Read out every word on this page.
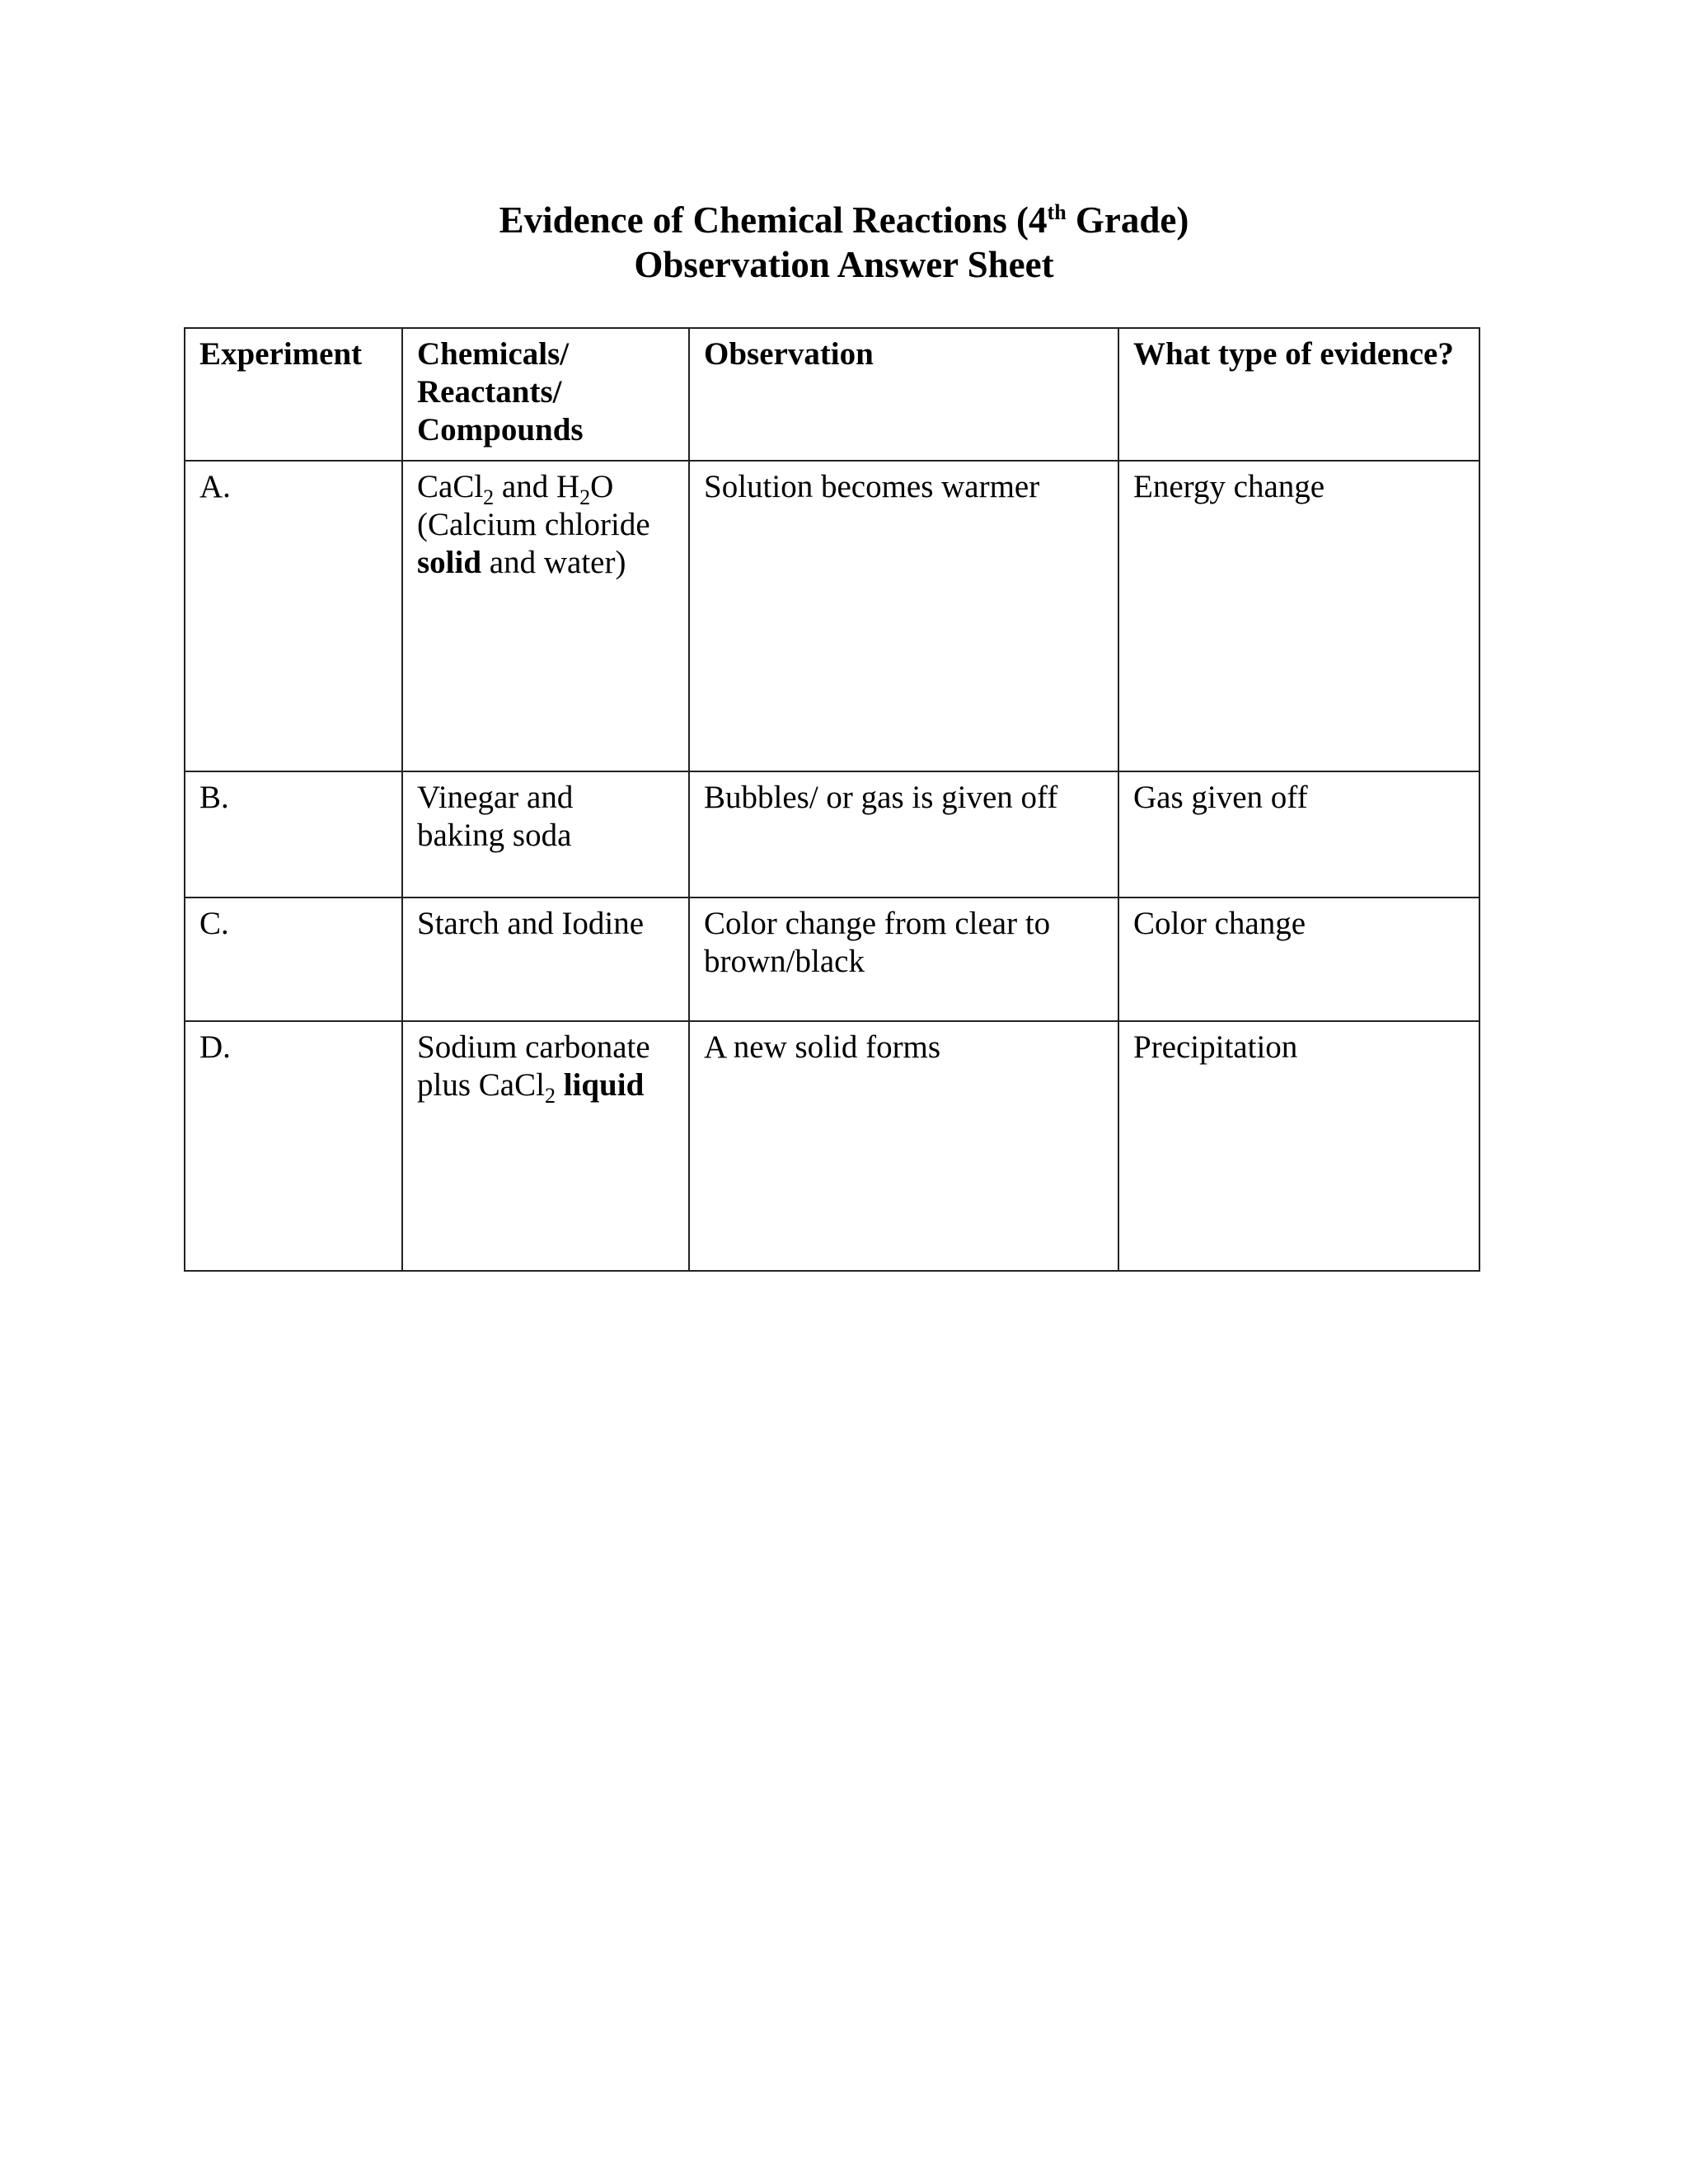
Evidence of Chemical Reactions (4th Grade)
Observation Answer Sheet
Experiment	Chemicals/
Reactants/
Compounds	Observation	What type of evidence?
A.	CaCl$_2$ and $H_2O$
(Calcium chloride
solid and water)	Solution becomes warmer	Energy change
B.	Vinegar and
baking soda	Bubbles/ or gas is given off	Gas given off
C.	Starch and Iodine	Color change from clear to
brown/black	Color change
D.	Sodium carbonate
plus CaCl$_2$ liquid	A new solid forms	Precipitation
